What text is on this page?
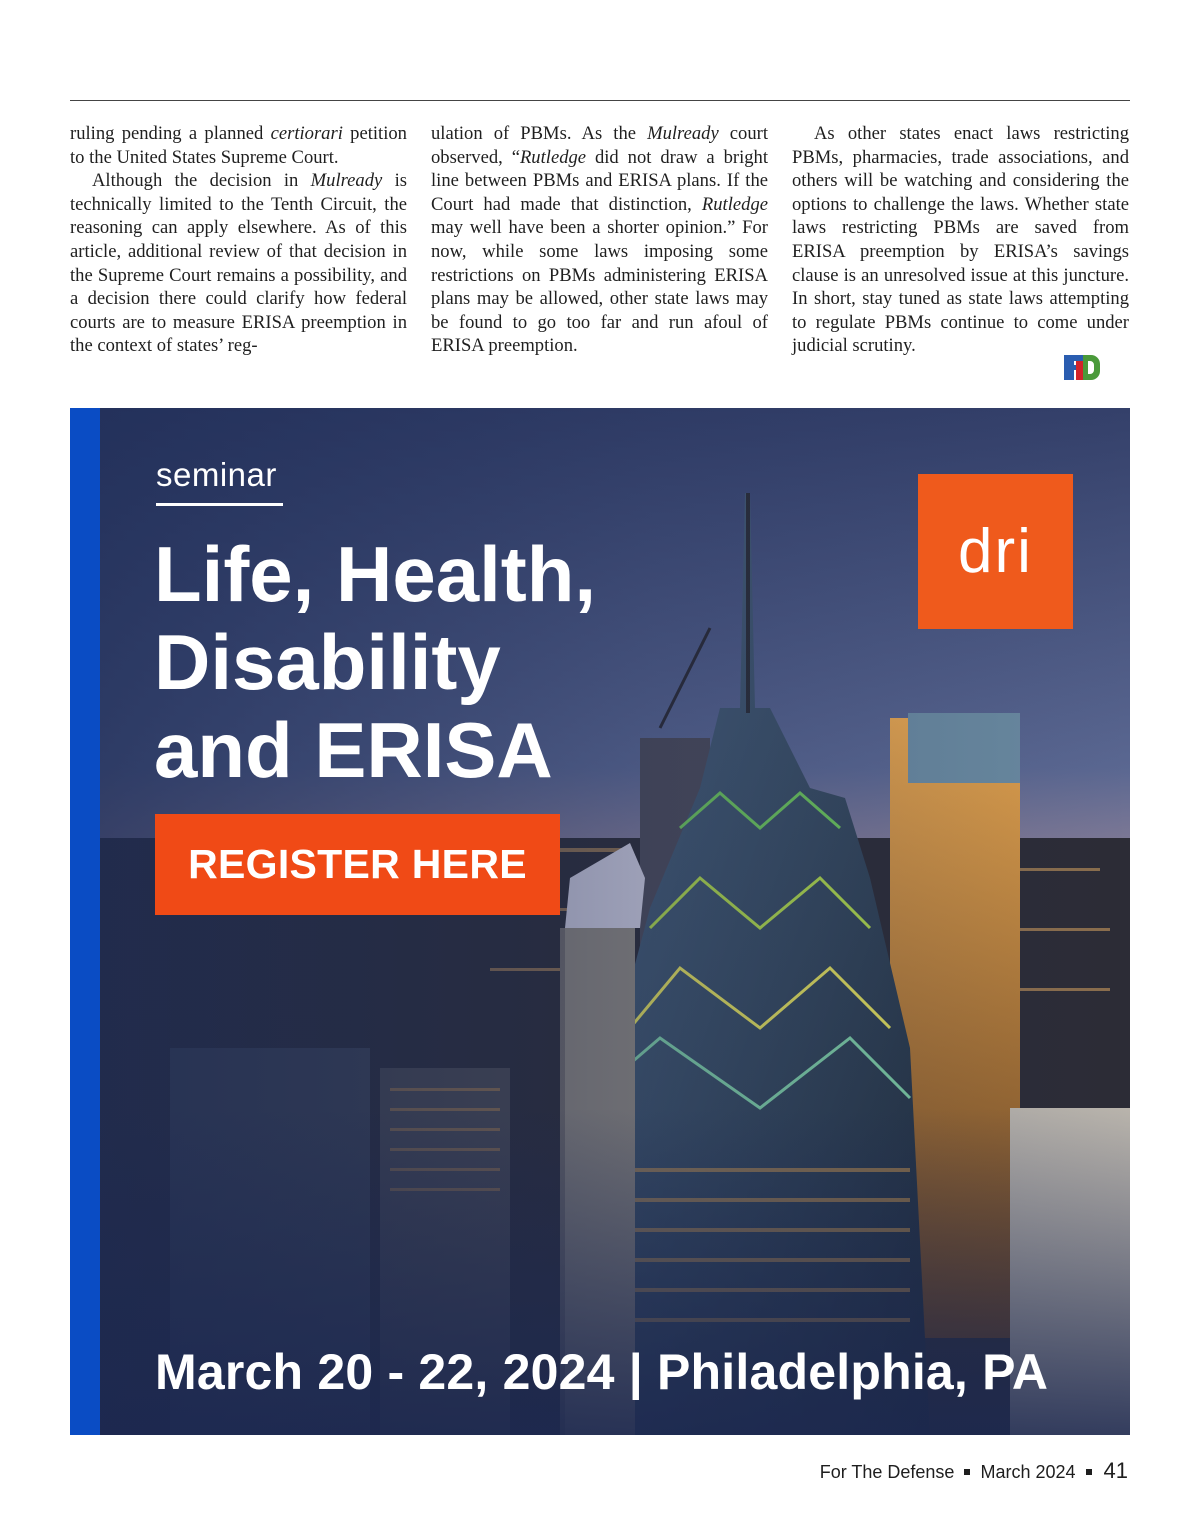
ruling pending a planned certiorari petition to the United States Supreme Court.

Although the decision in Mulready is technically limited to the Tenth Circuit, the reasoning can apply elsewhere. As of this article, additional review of that decision in the Supreme Court remains a possibility, and a decision there could clarify how federal courts are to measure ERISA preemption in the context of states’ reg-

ulation of PBMs. As the Mulready court observed, “Rutledge did not draw a bright line between PBMs and ERISA plans. If the Court had made that distinction, Rutledge may well have been a shorter opinion.” For now, while some laws imposing some restrictions on PBMs administering ERISA plans may be allowed, other state laws may be found to go too far and run afoul of ERISA preemption.

As other states enact laws restricting PBMs, pharmacies, trade associations, and others will be watching and considering the options to challenge the laws. Whether state laws restricting PBMs are saved from ERISA preemption by ERISA’s savings clause is an unresolved issue at this juncture. In short, stay tuned as state laws attempting to regulate PBMs continue to come under judicial scrutiny.

seminar
Life, Health,
Disability
and ERISA
REGISTER HERE
dri
March 20 - 22, 2024 | Philadelphia, PA
For The Defense March 2024 41
